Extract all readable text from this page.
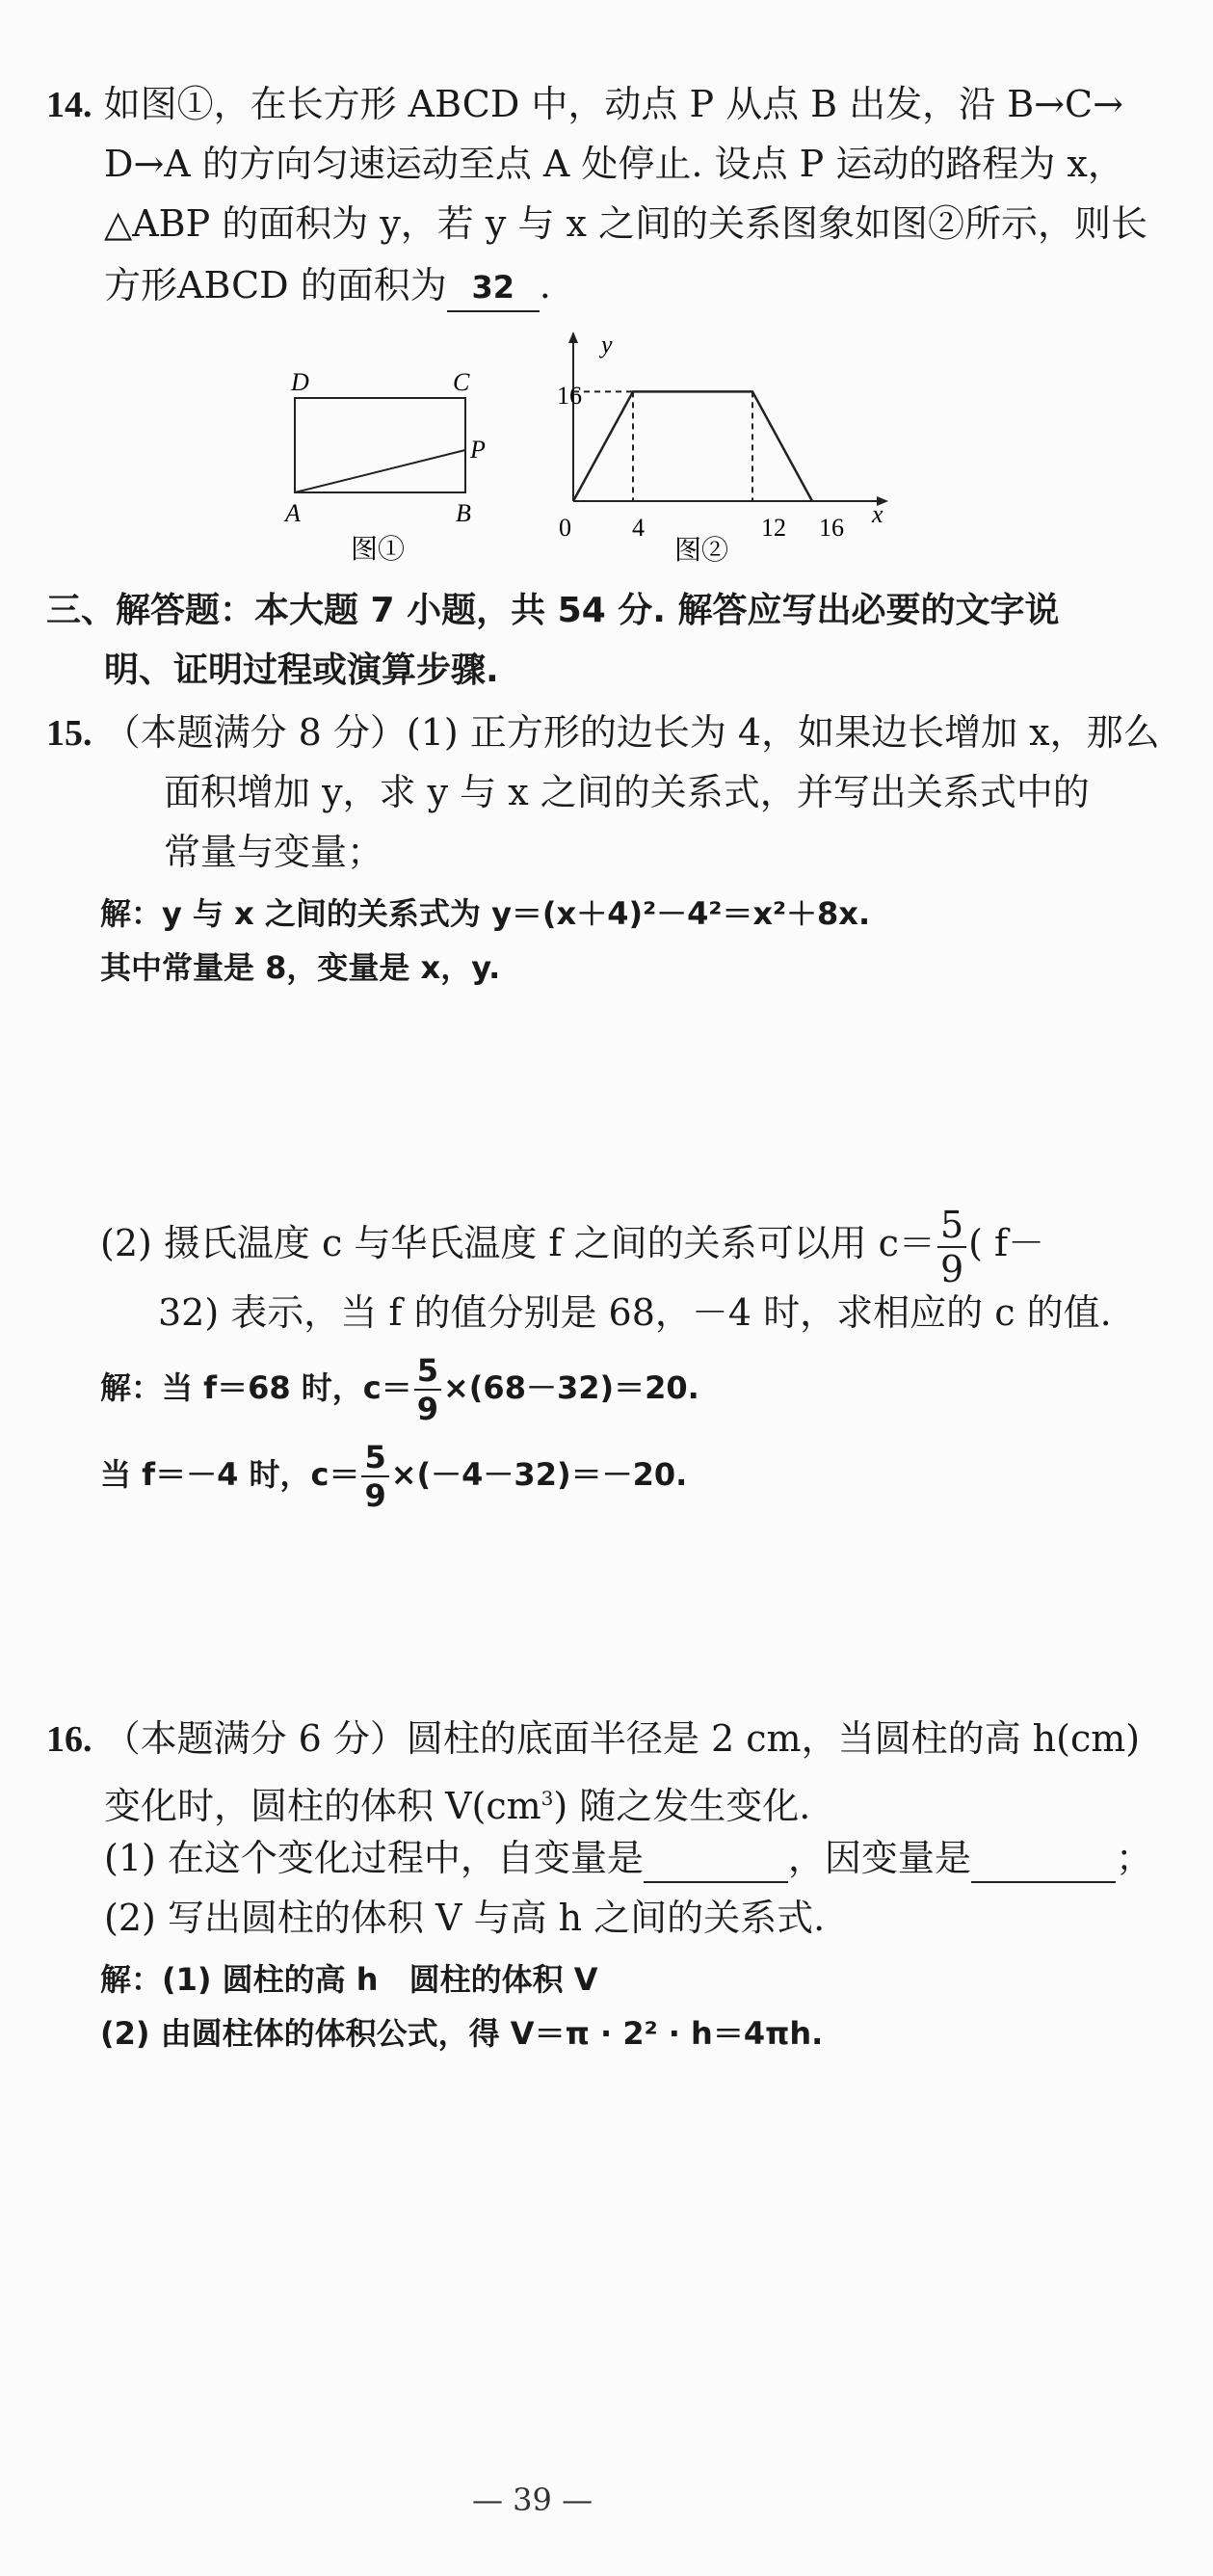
14. 如图①，在长方形 ABCD 中，动点 P 从点 B 出发，沿 B→C→
D→A 的方向匀速运动至点 A 处停止. 设点 P 运动的路程为 x，
△ABP 的面积为 y，若 y 与 x 之间的关系图象如图②所示，则长
方形ABCD 的面积为 32 .
D	C
P
A	B
图①
y
x
16
0 4	12 16
图②
三、解答题：本大题 7 小题，共 54 分. 解答应写出必要的文字说
明、证明过程或演算步骤.
15. （本题满分 8 分）(1) 正方形的边长为 4，如果边长增加 x，那么
面积增加 y，求 y 与 x 之间的关系式，并写出关系式中的
常量与变量；
解：y 与 x 之间的关系式为 y＝(x＋4)²－4²＝x²＋8x.
其中常量是 8，变量是 x，y.
(2) 摄氏温度 c 与华氏温度 f 之间的关系可以用 $c= \frac{5}{9}$ ( f－
32) 表示，当 f 的值分别是 68，－4 时，求相应的 c 的值.
解：当 f＝68 时，$c= \frac{5}{9} \times(68-32)=20$.
当 f＝－4 时，$c= \frac{5}{9} \times(-4-32)=-20$.
16. （本题满分 6 分）圆柱的底面半径是 2 cm，当圆柱的高 h(cm)
变化时，圆柱的体积 $V(cm^3)$ 随之发生变化.
(1) 在这个变化过程中，自变量是	，因变量是	；
(2) 写出圆柱的体积 V 与高 h 之间的关系式.
解：(1) 圆柱的高 h　圆柱的体积 V
(2) 由圆柱体的体积公式，得 V＝π · 2² · h＝4πh.
— 39 —
